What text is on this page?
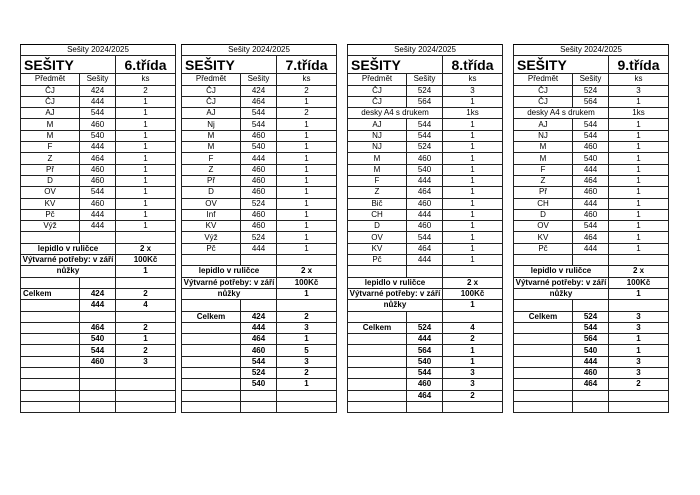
Sešity 2024/2025		
SEŠITY		6.třída
Předmět	Sešity	ks
ČJ	424	2
ČJ	444	1
AJ	544	1
M	460	1
M	540	1
F	444	1
Z	464	1
Př	460	1
D	460	1
OV	544	1
KV	460	1
Pč	444	1
Výž	444	1

lepidlo v ruličce		2 x
Výtvarné potřeby: v září		100Kč
nůžky		1

Celkem	424	2
	444	4

	464	2
	540	1
	544	2
	460	3

Sešity 2024/2025		
SEŠITY		7.třída
Předmět	Sešity	ks
ČJ	424	2
ČJ	464	1
AJ	544	2
Nj	544	1
M	460	1
M	540	1
F	444	1
Z	460	1
Př	460	1
D	460	1
OV	524	1
Inf	460	1
KV	460	1
Výž	524	1
Pč	444	1

lepidlo v ruličce		2 x
Výtvarné potřeby: v září		100Kč
nůžky		1

Celkem	424	2
	444	3
	464	1
	460	5
	544	3
	524	2
	540	1

Sešity 2024/2025		
SEŠITY		8.třída
Předmět	Sešity	ks
ČJ	524	3
ČJ	564	1
desky A4 s drukem		1ks
AJ	544	1
NJ	544	1
NJ	524	1
M	460	1
M	540	1
F	444	1
Z	464	1
Bič	460	1
CH	444	1
D	460	1
OV	544	1
KV	464	1
Pč	444	1

lepidlo v ruličce		2 x
Výtvarné potřeby: v září		100Kč
nůžky		1

Celkem	524	4
	444	2
	564	1
	540	1
	544	3
	460	3
	464	2

Sešity 2024/2025		
SEŠITY		9.třída
Předmět	Sešity	ks
ČJ	524	3
ČJ	564	1
desky A4 s drukem		1ks
AJ	544	1
NJ	544	1
M	460	1
M	540	1
F	444	1
Z	464	1
Př	460	1
CH	444	1
D	460	1
OV	544	1
KV	464	1
Pč	444	1

lepidlo v ruličce		2 x
Výtvarné potřeby: v září		100Kč
nůžky		1

Celkem	524	3
	544	3
	564	1
	540	1
	444	3
	460	3
	464	2
